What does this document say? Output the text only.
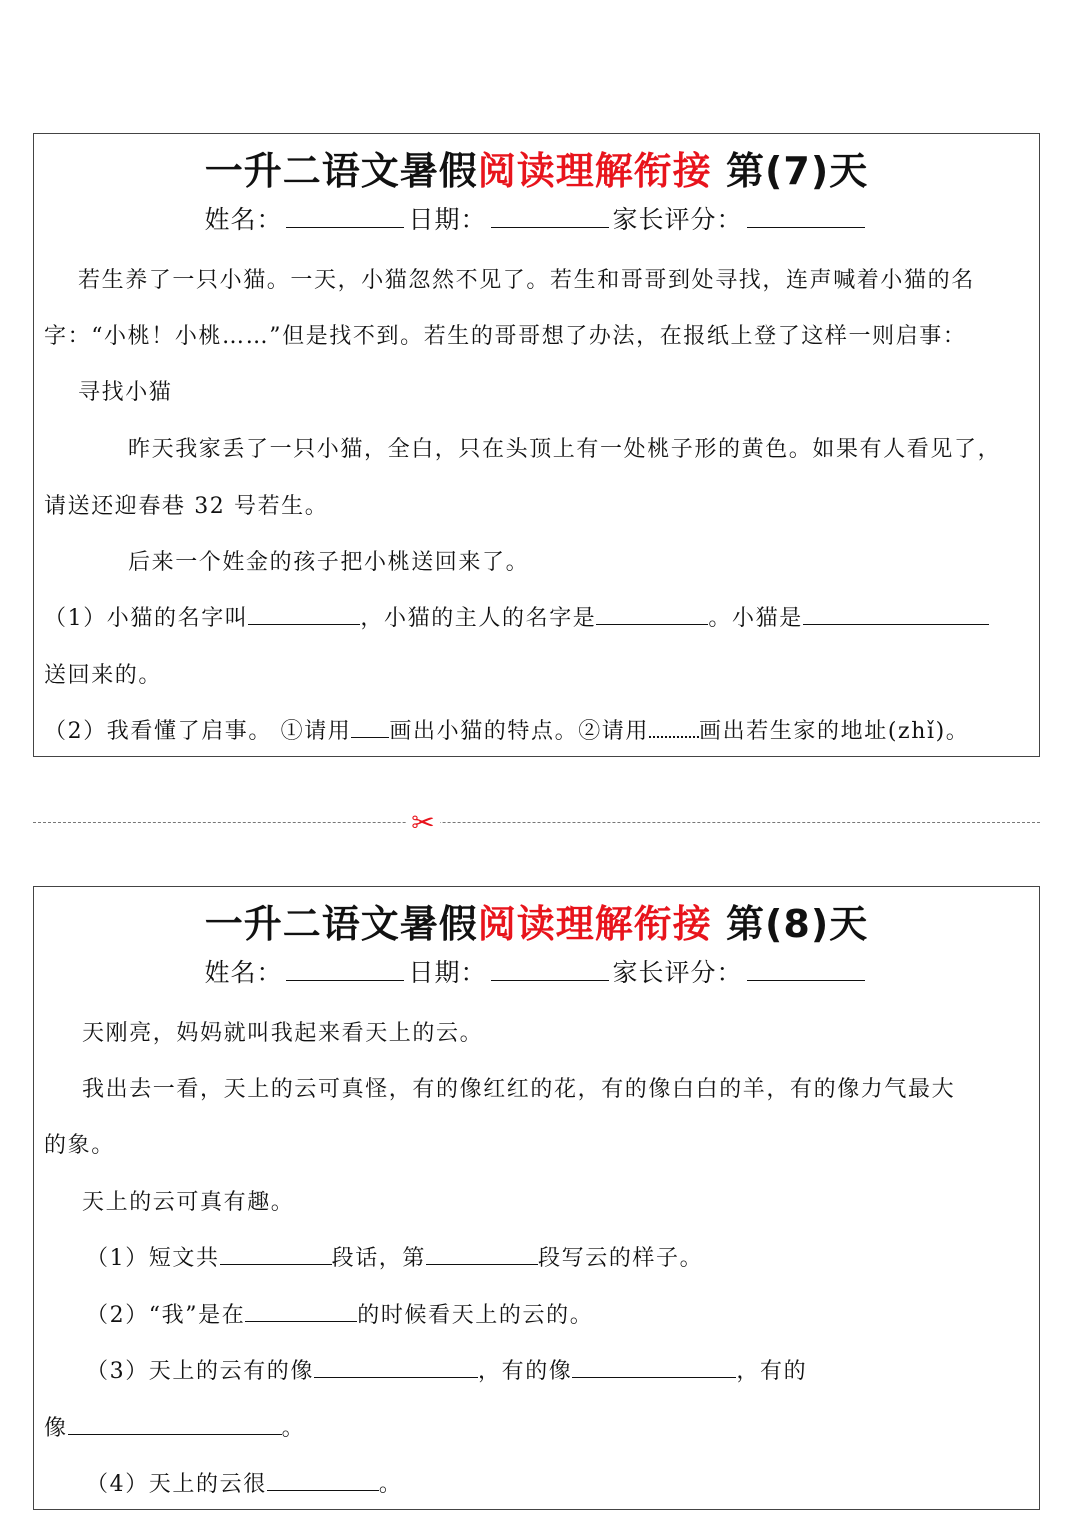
一升二语文暑假阅读理解衔接 第(7)天
姓名：	日期：	家长评分：
若生养了一只小猫。一天，小猫忽然不见了。若生和哥哥到处寻找，连声喊着小猫的名
字：“小桃！小桃……”但是找不到。若生的哥哥想了办法，在报纸上登了这样一则启事：
寻找小猫
昨天我家丢了一只小猫，全白，只在头顶上有一处桃子形的黄色。如果有人看见了，
请送还迎春巷 32 号若生。
后来一个姓金的孩子把小桃送回来了。
（1）小猫的名字叫	，小猫的主人的名字是	。小猫是
送回来的。
（2）我看懂了启事。 ①请用 画出小猫的特点。②请用 画出若生家的地址(zhǐ)。
✂
一升二语文暑假阅读理解衔接 第(8)天
姓名：	日期：	家长评分：
天刚亮，妈妈就叫我起来看天上的云。
我出去一看，天上的云可真怪，有的像红红的花，有的像白白的羊，有的像力气最大
的象。
天上的云可真有趣。
（1）短文共	段话，第	段写云的样子。
（2）“我”是在	的时候看天上的云的。
（3）天上的云有的像	，有的像	，有的
像	。
（4）天上的云很	。
